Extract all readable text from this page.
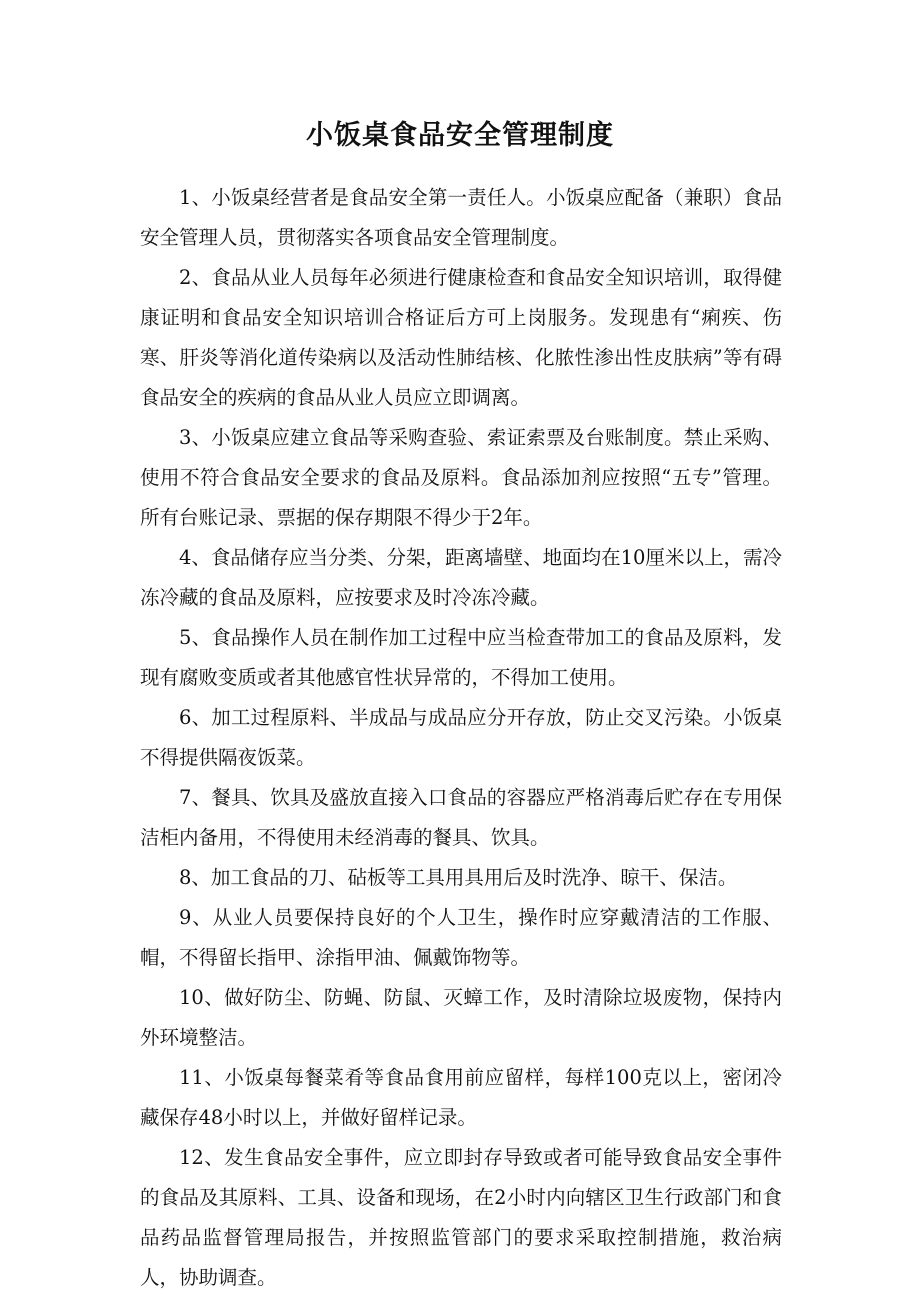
小饭桌食品安全管理制度

1、小饭桌经营者是食品安全第一责任人。小饭桌应配备（兼职）食品安全管理人员，贯彻落实各项食品安全管理制度。

2、食品从业人员每年必须进行健康检查和食品安全知识培训，取得健康证明和食品安全知识培训合格证后方可上岗服务。发现患有“痢疾、伤寒、肝炎等消化道传染病以及活动性肺结核、化脓性渗出性皮肤病”等有碍食品安全的疾病的食品从业人员应立即调离。

3、小饭桌应建立食品等采购查验、索证索票及台账制度。禁止采购、使用不符合食品安全要求的食品及原料。食品添加剂应按照“五专”管理。所有台账记录、票据的保存期限不得少于2年。

4、食品储存应当分类、分架，距离墙壁、地面均在10厘米以上，需冷冻冷藏的食品及原料，应按要求及时冷冻冷藏。

5、食品操作人员在制作加工过程中应当检查带加工的食品及原料，发现有腐败变质或者其他感官性状异常的，不得加工使用。

6、加工过程原料、半成品与成品应分开存放，防止交叉污染。小饭桌不得提供隔夜饭菜。

7、餐具、饮具及盛放直接入口食品的容器应严格消毒后贮存在专用保洁柜内备用，不得使用未经消毒的餐具、饮具。

8、加工食品的刀、砧板等工具用具用后及时洗净、晾干、保洁。

9、从业人员要保持良好的个人卫生，操作时应穿戴清洁的工作服、帽，不得留长指甲、涂指甲油、佩戴饰物等。

10、做好防尘、防蝇、防鼠、灭蟑工作，及时清除垃圾废物，保持内外环境整洁。

11、小饭桌每餐菜肴等食品食用前应留样，每样100克以上，密闭冷藏保存48小时以上，并做好留样记录。

12、发生食品安全事件，应立即封存导致或者可能导致食品安全事件的食品及其原料、工具、设备和现场，在2小时内向辖区卫生行政部门和食品药品监督管理局报告，并按照监管部门的要求采取控制措施，救治病人，协助调查。
